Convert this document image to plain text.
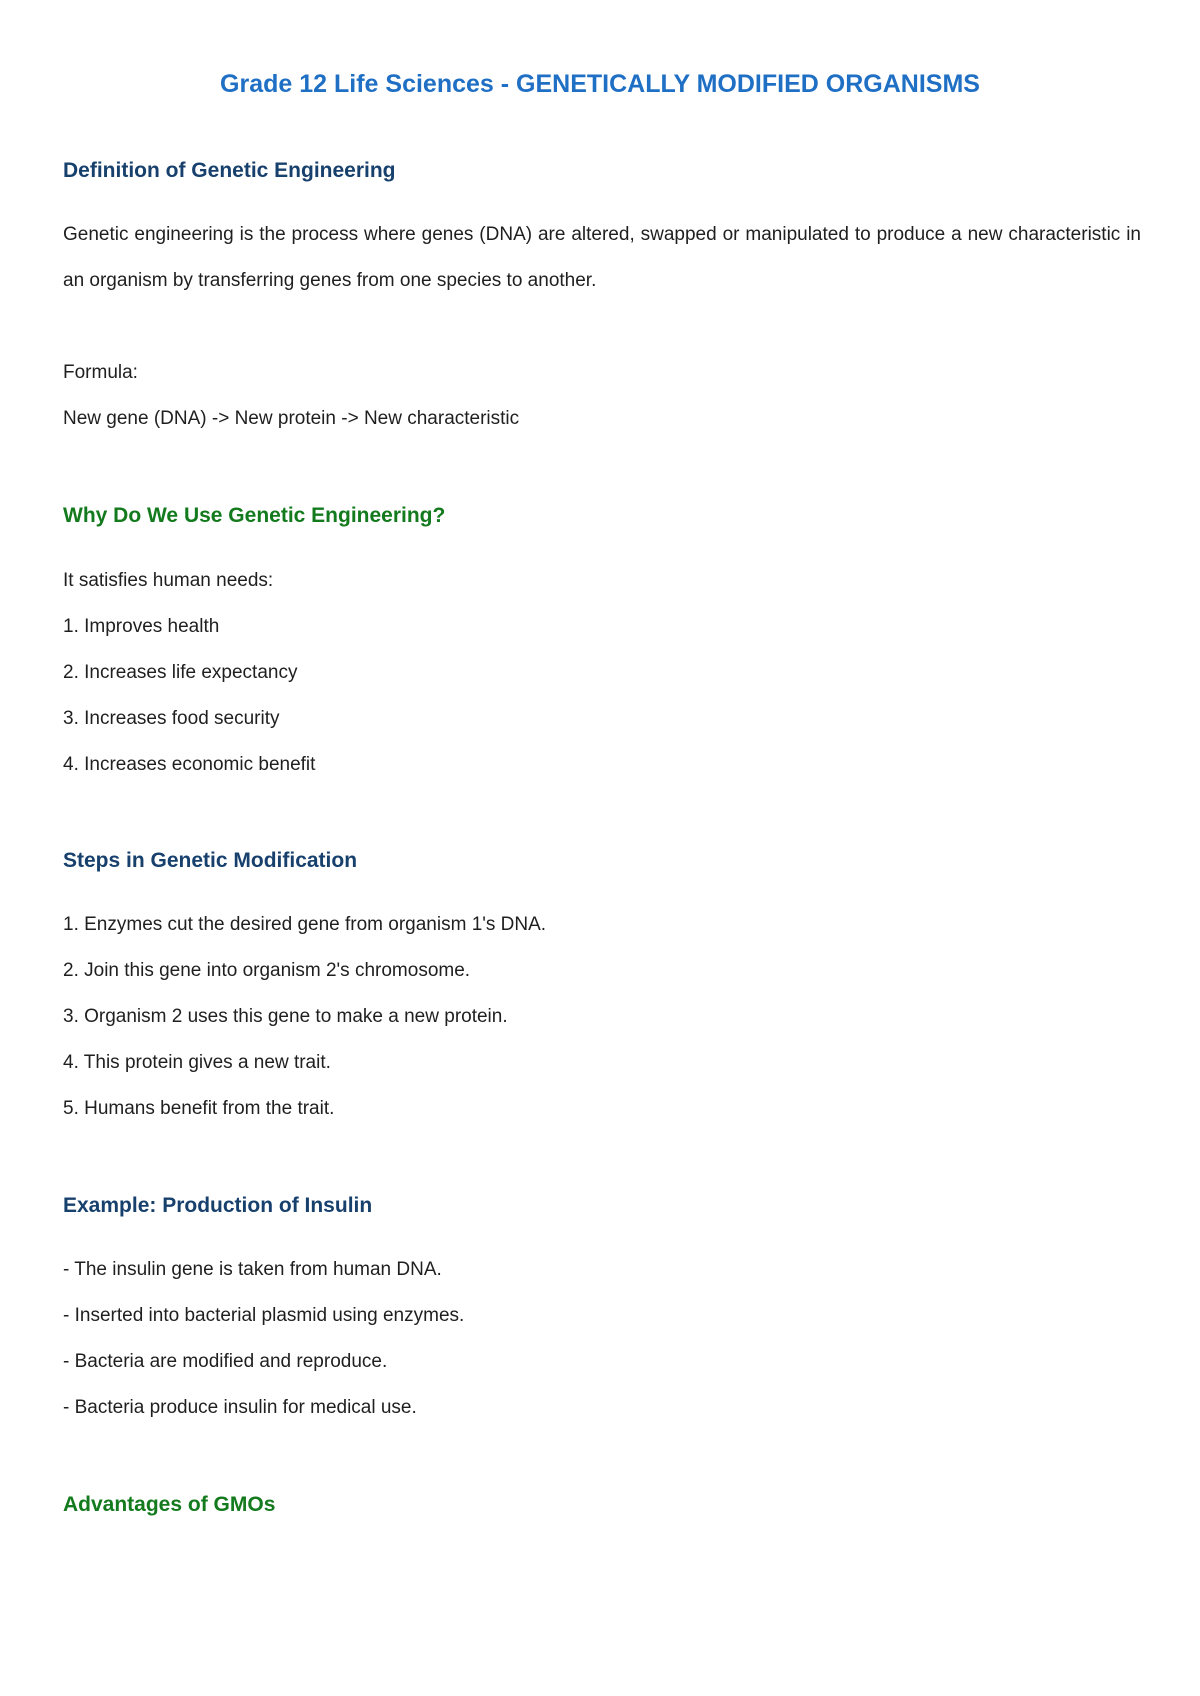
Grade 12 Life Sciences - GENETICALLY MODIFIED ORGANISMS
Definition of Genetic Engineering

Genetic engineering is the process where genes (DNA) are altered, swapped or manipulated to produce a new characteristic in an organism by transferring genes from one species to another.

Formula:

New gene (DNA) -> New protein -> New characteristic

Why Do We Use Genetic Engineering?

It satisfies human needs:

1. Improves health

2. Increases life expectancy

3. Increases food security

4. Increases economic benefit

Steps in Genetic Modification

1. Enzymes cut the desired gene from organism 1's DNA.

2. Join this gene into organism 2's chromosome.

3. Organism 2 uses this gene to make a new protein.

4. This protein gives a new trait.

5. Humans benefit from the trait.

Example: Production of Insulin

- The insulin gene is taken from human DNA.

- Inserted into bacterial plasmid using enzymes.

- Bacteria are modified and reproduce.

- Bacteria produce insulin for medical use.

Advantages of GMOs
